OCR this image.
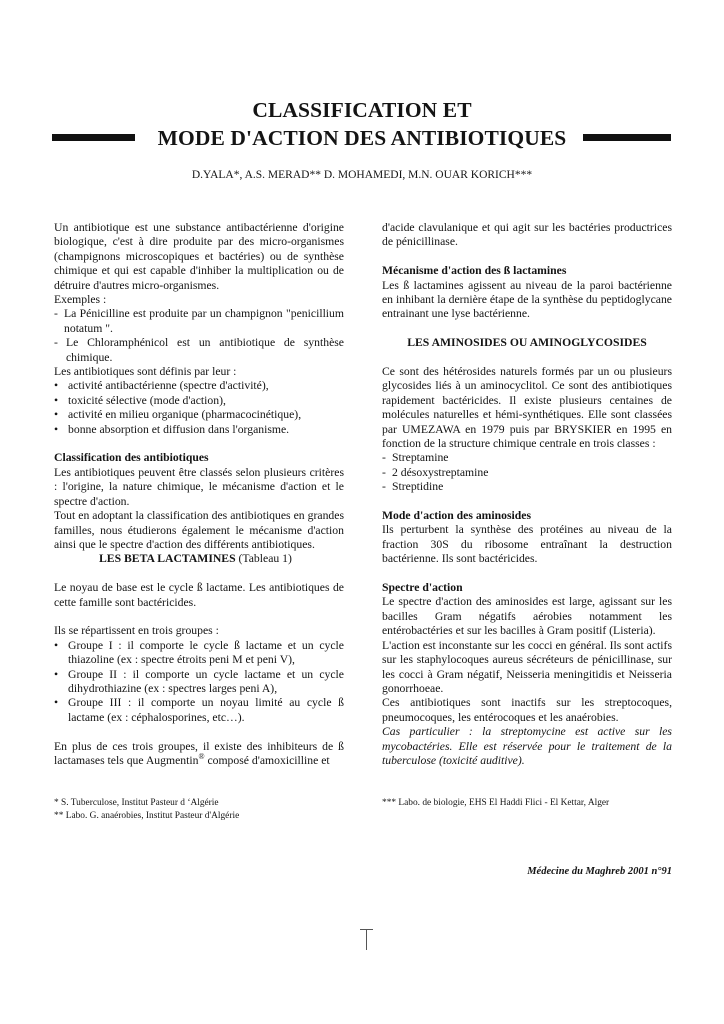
CLASSIFICATION ET
MODE D'ACTION DES ANTIBIOTIQUES
D.YALA*, A.S. MERAD** D. MOHAMEDI, M.N. OUAR KORICH***

Un antibiotique est une substance antibactérienne d'origine biologique, c'est à dire produite par des micro-organismes (champignons microscopiques et bactéries) ou de synthèse chimique et qui est capable d'inhiber la multiplication ou de détruire d'autres micro-organismes.

Exemples :

- La Pénicilline est produite par un champignon "penicillium notatum ".

- Le Chloramphénicol est un antibiotique de synthèse chimique.

Les antibiotiques sont définis par leur :

• activité antibactérienne (spectre d'activité),

• toxicité sélective (mode d'action),

• activité en milieu organique (pharmacocinétique),

• bonne absorption et diffusion dans l'organisme.

Classification des antibiotiques

Les antibiotiques peuvent être classés selon plusieurs critères : l'origine, la nature chimique, le mécanisme d'action et le spectre d'action.

Tout en adoptant la classification des antibiotiques en grandes familles, nous étudierons également le mécanisme d'action ainsi que le spectre d'action des différents antibiotiques.

LES BETA LACTAMINES (Tableau 1)

Le noyau de base est le cycle ß lactame. Les antibiotiques de cette famille sont bactéricides.

Ils se répartissent en trois groupes :

• Groupe I : il comporte le cycle ß lactame et un cycle thiazoline (ex : spectre étroits peni M et peni V),

• Groupe II : il comporte un cycle lactame et un cycle dihydrothiazine (ex : spectres larges peni A),

• Groupe III : il comporte un noyau limité au cycle ß lactame (ex : céphalosporines, etc…).

En plus de ces trois groupes, il existe des inhibiteurs de ß lactamases tels que Augmentin® composé d'amoxicilline et

d'acide clavulanique et qui agit sur les bactéries productrices de pénicillinase.

Mécanisme d'action des ß lactamines

Les ß lactamines agissent au niveau de la paroi bactérienne en inhibant la dernière étape de la synthèse du peptidoglycane entrainant une lyse bactérienne.

LES AMINOSIDES OU AMINOGLYCOSIDES

Ce sont des hétérosides naturels formés par un ou plusieurs glycosides liés à un aminocyclitol. Ce sont des antibiotiques rapidement bactéricides. Il existe plusieurs centaines de molécules naturelles et hémi-synthétiques. Elle sont classées par UMEZAWA en 1979 puis par BRYSKIER en 1995 en fonction de la structure chimique centrale en trois classes :

- Streptamine

- 2 désoxystreptamine

- Streptidine

Mode d'action des aminosides

Ils perturbent la synthèse des protéines au niveau de la fraction 30S du ribosome entraînant la destruction bactérienne. Ils sont bactéricides.

Spectre d'action

Le spectre d'action des aminosides est large, agissant sur les bacilles Gram négatifs aérobies notamment les entérobactéries et sur les bacilles à Gram positif (Listeria).

L'action est inconstante sur les cocci en général. Ils sont actifs sur les staphylocoques aureus sécréteurs de pénicillinase, sur les cocci à Gram négatif, Neisseria meningitidis et Neisseria gonorrhoeae.

Ces antibiotiques sont inactifs sur les streptocoques, pneumocoques, les entérocoques et les anaérobies.

Cas particulier : la streptomycine est active sur les mycobactéries. Elle est réservée pour le traitement de la tuberculose (toxicité auditive).

* S. Tuberculose, Institut Pasteur d ‘Algérie
** Labo. G. anaérobies, Institut Pasteur d'Algérie
*** Labo. de biologie, EHS El Haddi Flici - El Kettar, Alger
Médecine du Maghreb 2001 n°91
